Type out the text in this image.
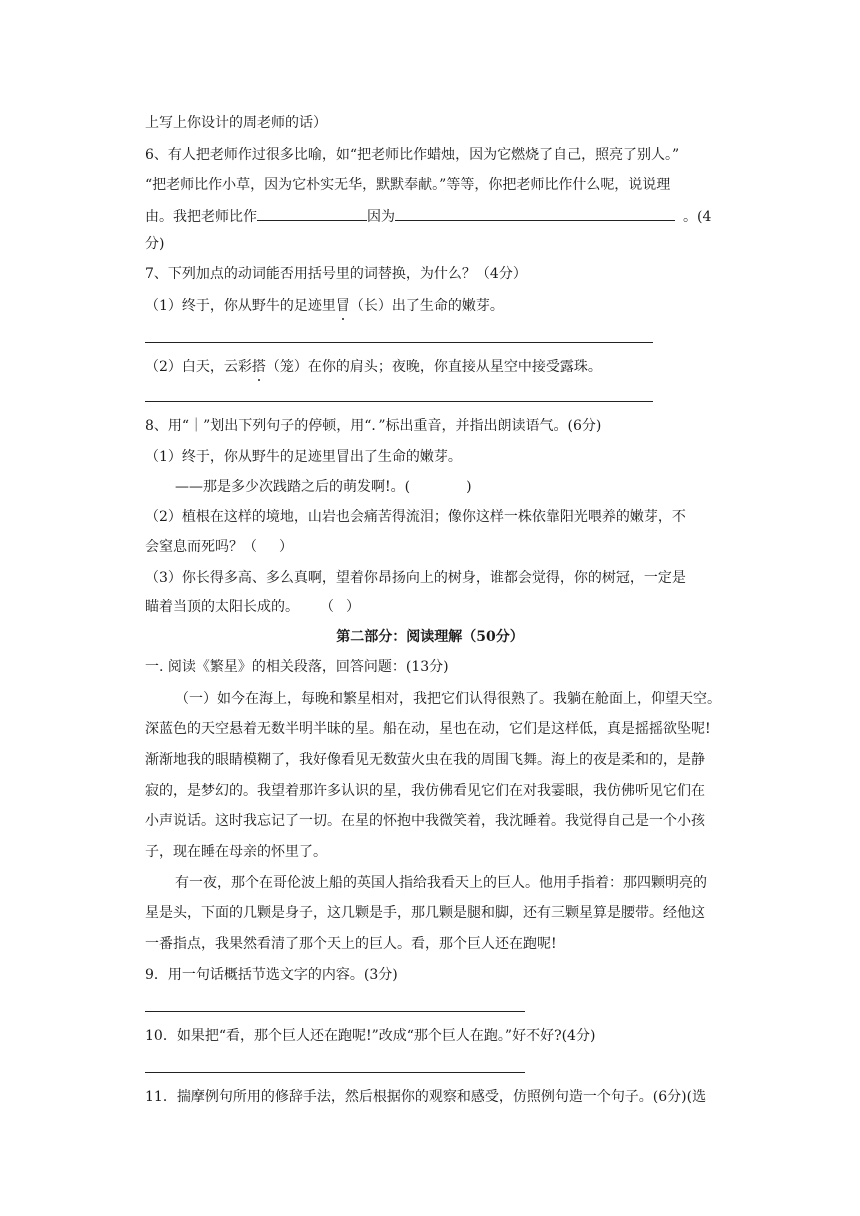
上写上你设计的周老师的话）
6、有人把老师作过很多比喻，如“把老师比作蜡烛，因为它燃烧了自己，照亮了别人。”
“把老师比作小草，因为它朴实无华，默默奉献。”等等，你把老师比作什么呢，说说理
由。我把老师比作	因为	。(4
分)
7、下列加点的动词能否用括号里的词替换，为什么？（4分）
（1）终于，你从野牛的足迹里冒（长）出了生命的嫩芽。
（2）白天，云彩搭（笼）在你的肩头；夜晚，你直接从星空中接受露珠。
8、用“｜”划出下列句子的停顿，用“．”标出重音，并指出朗读语气。(6分)
（1）终于，你从野牛的足迹里冒出了生命的嫩芽。
——那是多少次践踏之后的萌发啊!。(	)
（2）植根在这样的境地，山岩也会痛苦得流泪；像你这样一株依靠阳光喂养的嫩芽，不
会窒息而死吗？（ ）
（3）你长得多高、多么真啊，望着你昂扬向上的树身，谁都会觉得，你的树冠，一定是
瞄着当顶的太阳长成的。 （ ）
第二部分：阅读理解（50分）
一. 阅读《繁星》的相关段落，回答问题：(13分)
（一）如今在海上，每晚和繁星相对，我把它们认得很熟了。我躺在舱面上，仰望天空。
深蓝色的天空悬着无数半明半昧的星。船在动，星也在动，它们是这样低，真是摇摇欲坠呢!
渐渐地我的眼睛模糊了，我好像看见无数萤火虫在我的周围飞舞。海上的夜是柔和的，是静
寂的，是梦幻的。我望着那许多认识的星，我仿佛看见它们在对我霎眼，我仿佛听见它们在
小声说话。这时我忘记了一切。在星的怀抱中我微笑着，我沈睡着。我觉得自己是一个小孩
子，现在睡在母亲的怀里了。
有一夜，那个在哥伦波上船的英国人指给我看天上的巨人。他用手指着：那四颗明亮的
星是头，下面的几颗是身子，这几颗是手，那几颗是腿和脚，还有三颗星算是腰带。经他这
一番指点，我果然看清了那个天上的巨人。看，那个巨人还在跑呢!
9．用一句话概括节选文字的内容。(3分)
10．如果把“看，那个巨人还在跑呢!”改成“那个巨人在跑。”好不好?(4分)
11．揣摩例句所用的修辞手法，然后根据你的观察和感受，仿照例句造一个句子。(6分)(选
